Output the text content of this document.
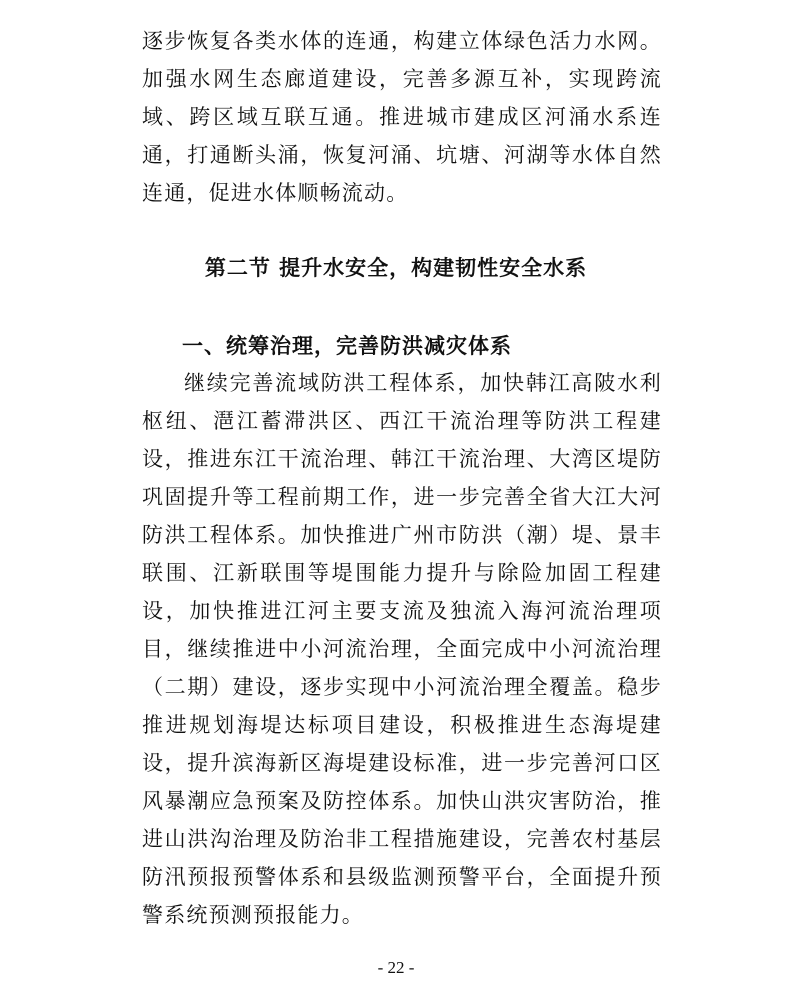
逐步恢复各类水体的连通，构建立体绿色活力水网。加强水网生态廊道建设，完善多源互补，实现跨流域、跨区域互联互通。推进城市建成区河涌水系连通，打通断头涌，恢复河涌、坑塘、河湖等水体自然连通，促进水体顺畅流动。

第二节 提升水安全，构建韧性安全水系
一、统筹治理，完善防洪减灾体系

继续完善流域防洪工程体系，加快韩江高陂水利枢纽、潖江蓄滞洪区、西江干流治理等防洪工程建设，推进东江干流治理、韩江干流治理、大湾区堤防巩固提升等工程前期工作，进一步完善全省大江大河防洪工程体系。加快推进广州市防洪（潮）堤、景丰联围、江新联围等堤围能力提升与除险加固工程建设，加快推进江河主要支流及独流入海河流治理项目，继续推进中小河流治理，全面完成中小河流治理（二期）建设，逐步实现中小河流治理全覆盖。稳步推进规划海堤达标项目建设，积极推进生态海堤建设，提升滨海新区海堤建设标准，进一步完善河口区风暴潮应急预案及防控体系。加快山洪灾害防治，推进山洪沟治理及防治非工程措施建设，完善农村基层防汛预报预警体系和县级监测预警平台，全面提升预警系统预测预报能力。

- 22 -
